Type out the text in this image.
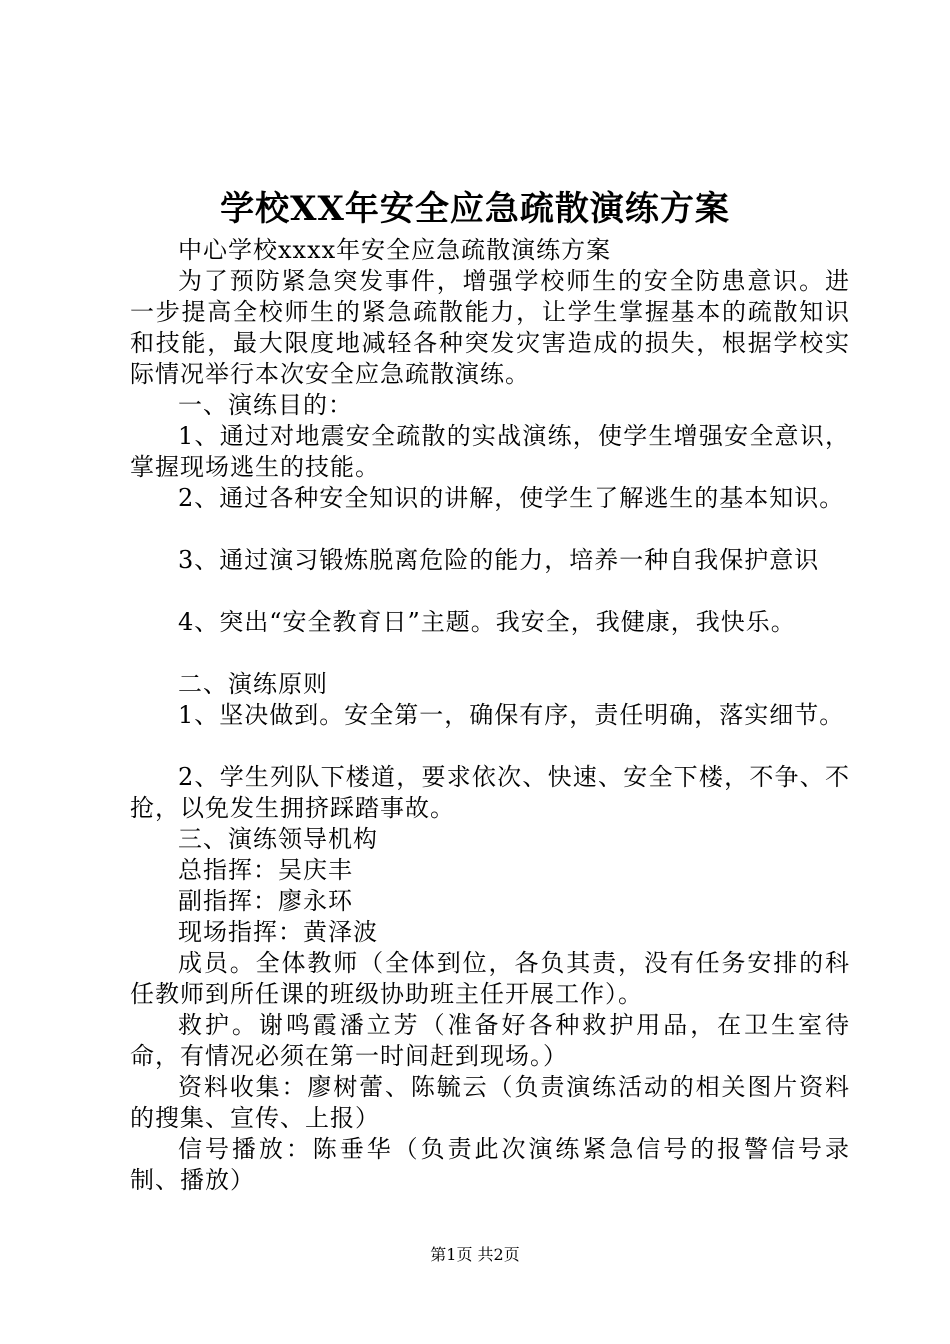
学校XX年安全应急疏散演练方案

中心学校xxxx年安全应急疏散演练方案

为了预防紧急突发事件，增强学校师生的安全防患意识。进一步提高全校师生的紧急疏散能力，让学生掌握基本的疏散知识和技能，最大限度地减轻各种突发灾害造成的损失，根据学校实际情况举行本次安全应急疏散演练。

一、演练目的：

1、通过对地震安全疏散的实战演练，使学生增强安全意识，掌握现场逃生的技能。

2、通过各种安全知识的讲解，使学生了解逃生的基本知识。

3、通过演习锻炼脱离危险的能力，培养一种自我保护意识

4、突出“安全教育日”主题。我安全，我健康，我快乐。

二、演练原则

1、坚决做到。安全第一，确保有序，责任明确，落实细节。

2、学生列队下楼道，要求依次、快速、安全下楼，不争、不抢，以免发生拥挤踩踏事故。

三、演练领导机构

总指挥：吴庆丰

副指挥：廖永环

现场指挥：黄泽波

成员。全体教师（全体到位，各负其责，没有任务安排的科任教师到所任课的班级协助班主任开展工作）。

救护。谢鸣霞潘立芳（准备好各种救护用品，在卫生室待命，有情况必须在第一时间赶到现场。）

资料收集：廖树蕾、陈毓云（负责演练活动的相关图片资料的搜集、宣传、上报）

信号播放：陈垂华（负责此次演练紧急信号的报警信号录制、播放）

第1页 共2页
